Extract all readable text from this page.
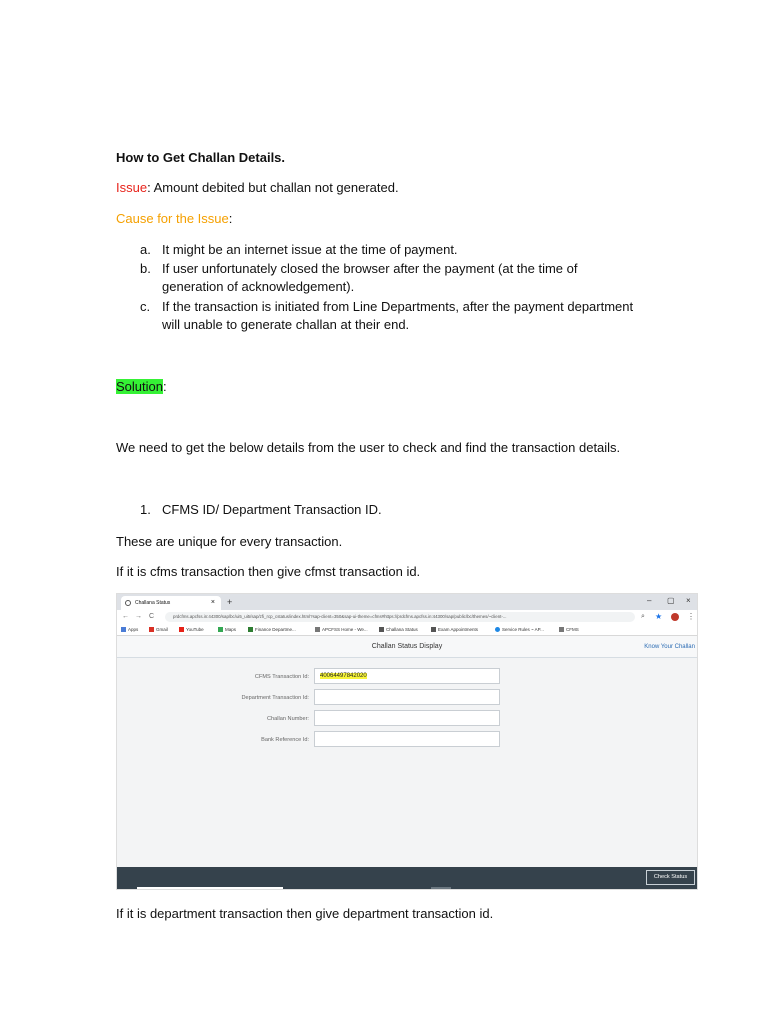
How to Get Challan Details.
Issue: Amount debited but challan not generated.
Cause for the Issue:
a. It might be an internet issue at the time of payment.
b. If user unfortunately closed the browser after the payment (at the time of generation of acknowledgement).
c. If the transaction is initiated from Line Departments, after the payment department will unable to generate challan at their end.
Solution:
We need to get the below details from the user to check and find the transaction details.
1. CFMS ID/ Department Transaction ID.
These are unique for every transaction.
If it is cfms transaction then give cfmst transaction id.
Challana Status	× +	– ▢ ×
← → C	prdcfms.apcfss.in:44300/sap/bc/ui5_ui5/sap/zfi_rcp_cstatus/index.html?sap-client=350&sap-ui-theme=cfms#https://prdcfms.apcfss.in:44300/sap/public/bc/themes/~client-...	⌕ ★	⋮
Apps	Gmail	YouTube	Maps	Finance Departme...	APCFSS Home - We...	Challana Status	Exam Appointments	Service Rules ~ AP...	CFMS
Challan Status Display	Know Your Challan
CFMS Transaction Id:	40064497842020
Department Transaction Id:
Challan Number:
Bank Reference Id:
Check Status
If it is department transaction then give department transaction id.
